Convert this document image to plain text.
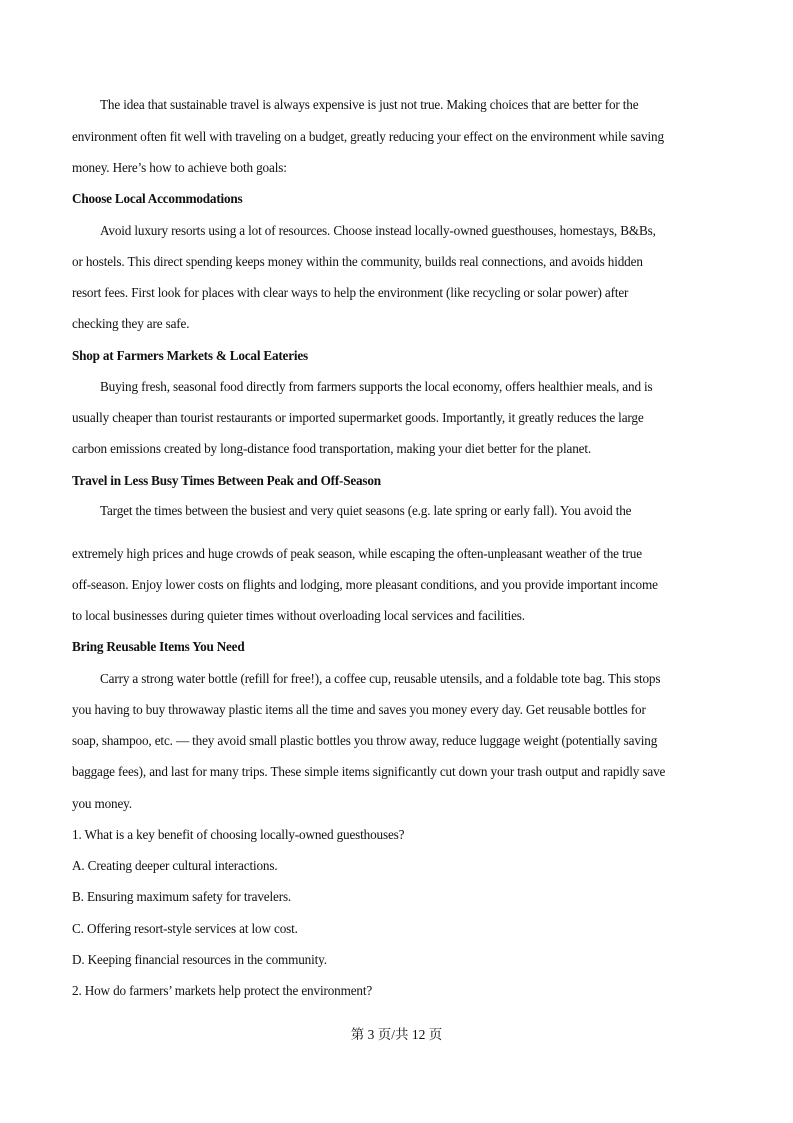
The idea that sustainable travel is always expensive is just not true. Making choices that are better for the
environment often fit well with traveling on a budget, greatly reducing your effect on the environment while saving
money. Here’s how to achieve both goals:
Choose Local Accommodations
Avoid luxury resorts using a lot of resources. Choose instead locally-owned guesthouses, homestays, B&Bs,
or hostels. This direct spending keeps money within the community, builds real connections, and avoids hidden
resort fees. First look for places with clear ways to help the environment (like recycling or solar power) after
checking they are safe.
Shop at Farmers Markets & Local Eateries
Buying fresh, seasonal food directly from farmers supports the local economy, offers healthier meals, and is
usually cheaper than tourist restaurants or imported supermarket goods. Importantly, it greatly reduces the large
carbon emissions created by long-distance food transportation, making your diet better for the planet.
Travel in Less Busy Times Between Peak and Off-Season
Target the times between the busiest and very quiet seasons (e.g. late spring or early fall). You avoid the
extremely high prices and huge crowds of peak season, while escaping the often-unpleasant weather of the true
off-season. Enjoy lower costs on flights and lodging, more pleasant conditions, and you provide important income
to local businesses during quieter times without overloading local services and facilities.
Bring Reusable Items You Need
Carry a strong water bottle (refill for free!), a coffee cup, reusable utensils, and a foldable tote bag. This stops
you having to buy throwaway plastic items all the time and saves you money every day. Get reusable bottles for
soap, shampoo, etc. — they avoid small plastic bottles you throw away, reduce luggage weight (potentially saving
baggage fees), and last for many trips. These simple items significantly cut down your trash output and rapidly save
you money.
1. What is a key benefit of choosing locally-owned guesthouses?
A. Creating deeper cultural interactions.
B. Ensuring maximum safety for travelers.
C. Offering resort-style services at low cost.
D. Keeping financial resources in the community.
2. How do farmers’ markets help protect the environment?
第 3 页/共 12 页
